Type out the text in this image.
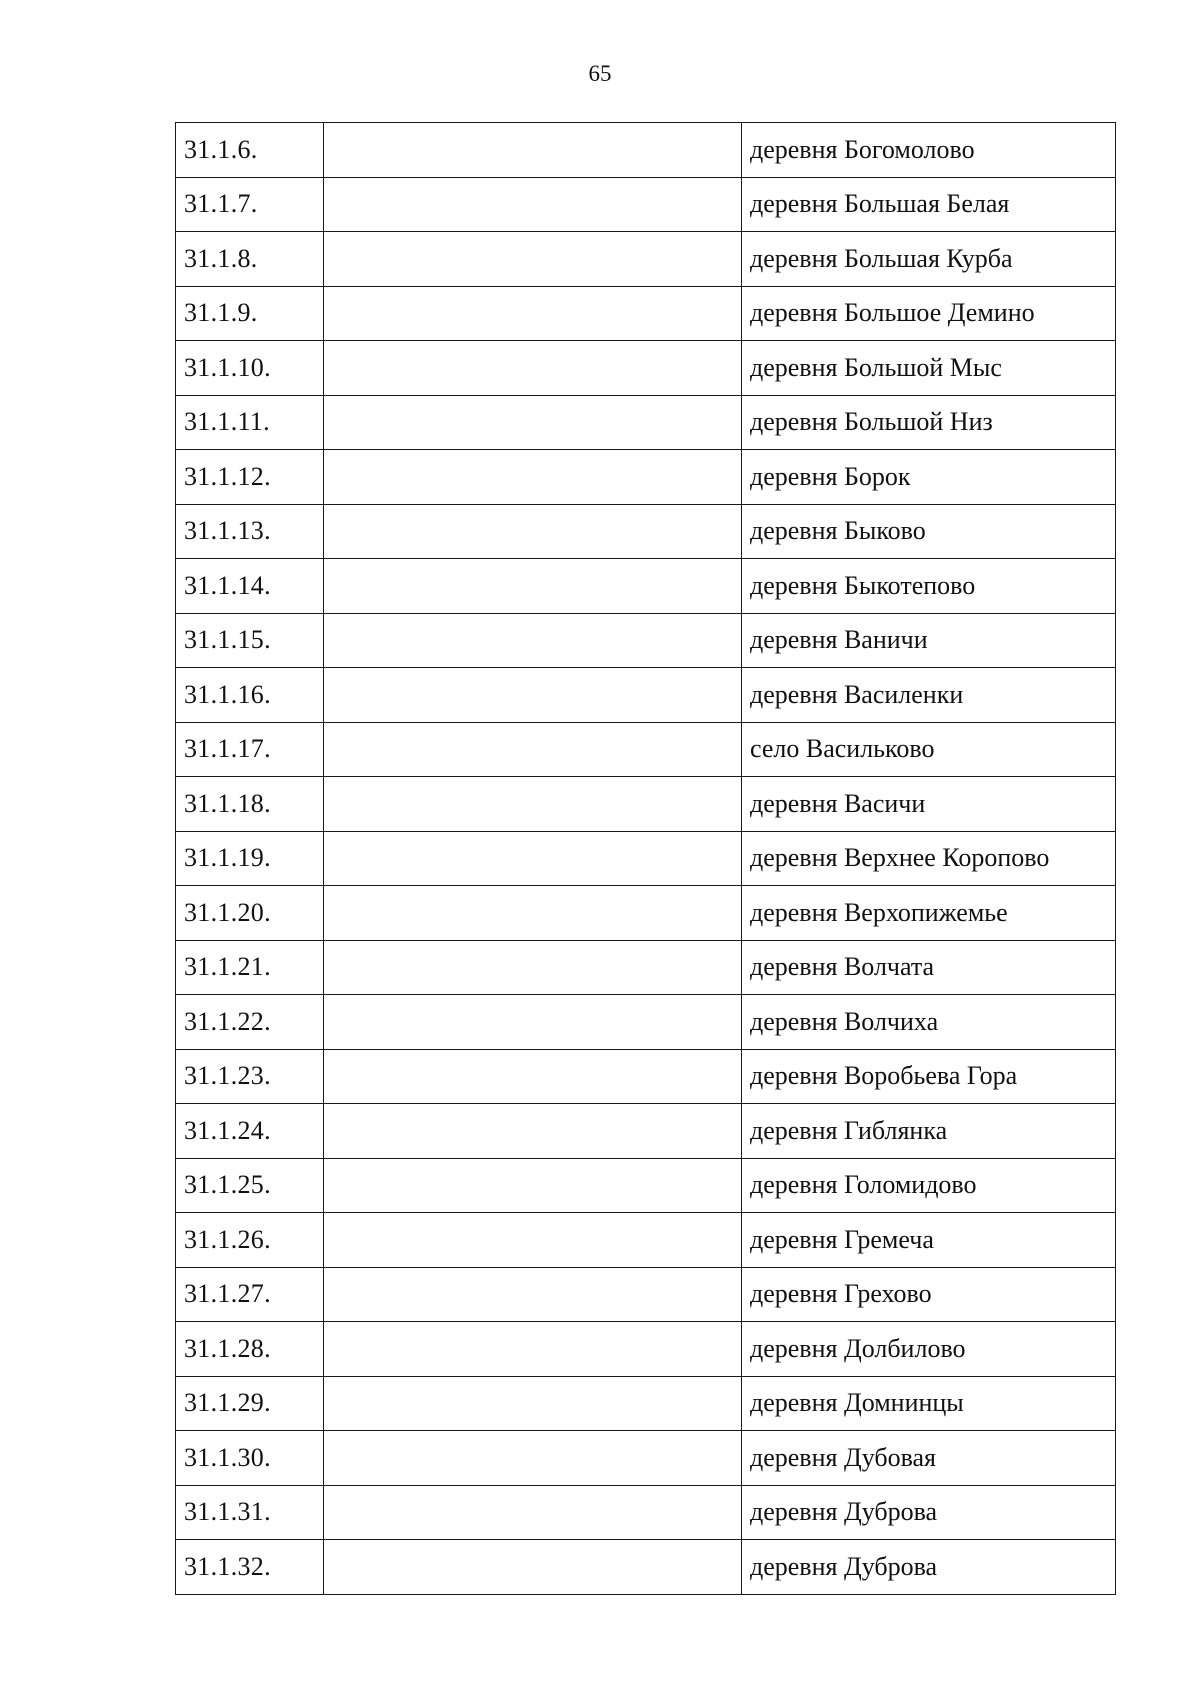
65
31.1.6.		деревня Богомолово
31.1.7.		деревня Большая Белая
31.1.8.		деревня Большая Курба
31.1.9.		деревня Большое Демино
31.1.10.		деревня Большой Мыс
31.1.11.		деревня Большой Низ
31.1.12.		деревня Борок
31.1.13.		деревня Быково
31.1.14.		деревня Быкотепово
31.1.15.		деревня Ваничи
31.1.16.		деревня Василенки
31.1.17.		село Васильково
31.1.18.		деревня Васичи
31.1.19.		деревня Верхнее Коропово
31.1.20.		деревня Верхопижемье
31.1.21.		деревня Волчата
31.1.22.		деревня Волчиха
31.1.23.		деревня Воробьева Гора
31.1.24.		деревня Гиблянка
31.1.25.		деревня Голомидово
31.1.26.		деревня Гремеча
31.1.27.		деревня Грехово
31.1.28.		деревня Долбилово
31.1.29.		деревня Домнинцы
31.1.30.		деревня Дубовая
31.1.31.		деревня Дуброва
31.1.32.		деревня Дуброва
